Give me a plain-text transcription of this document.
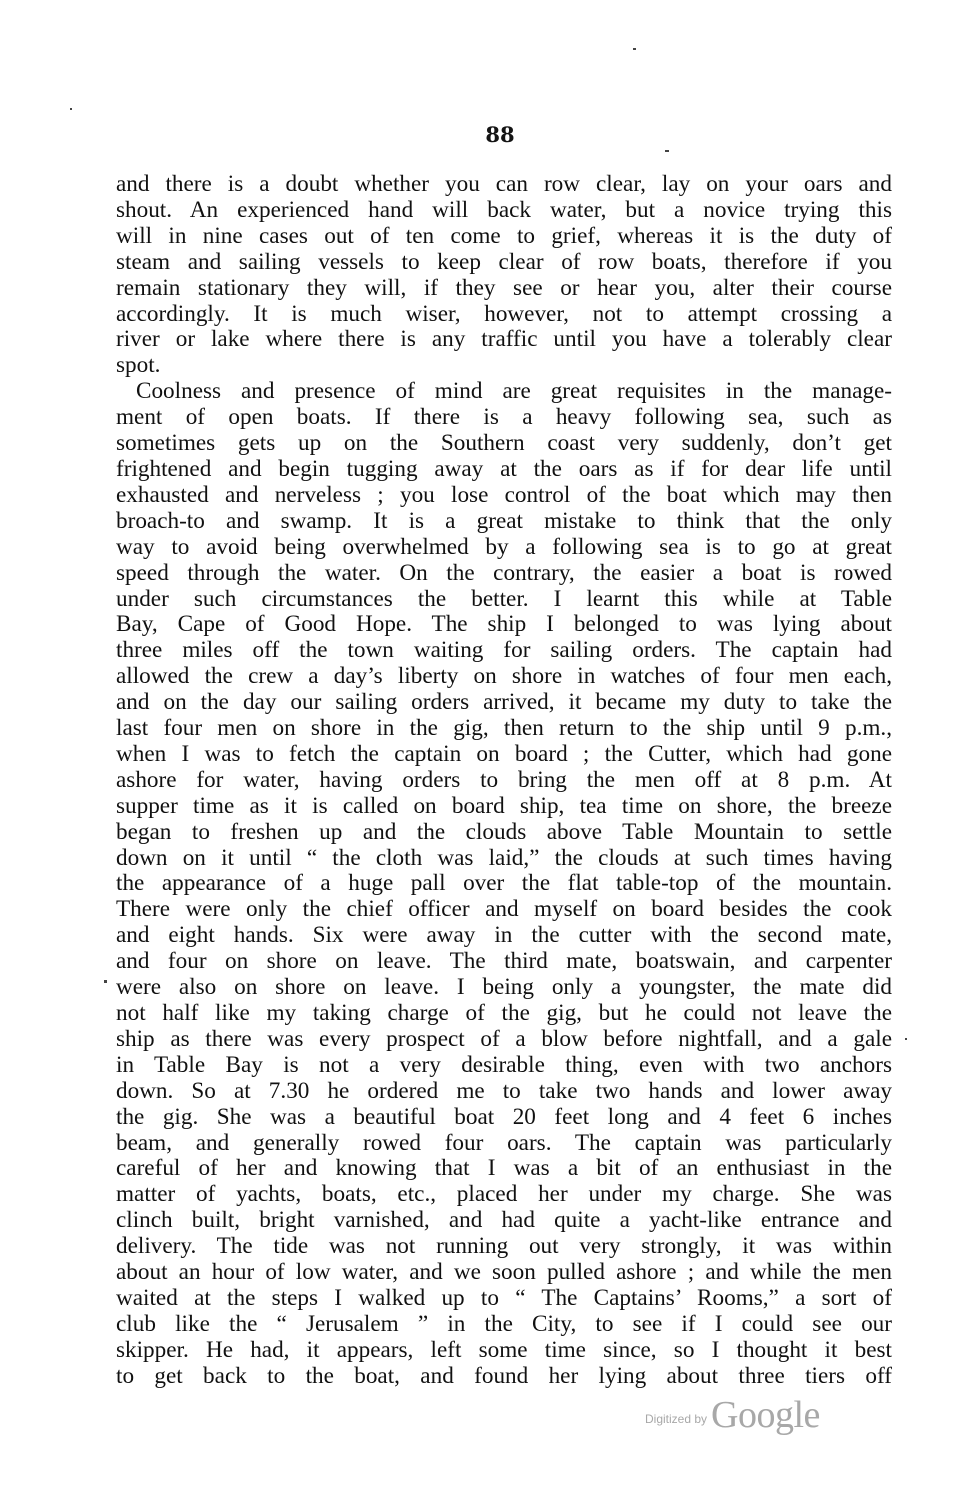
88
and there is a doubt whether you can row clear, lay on your oars and
shout. An experienced hand will back water, but a novice trying this
will in nine cases out of ten come to grief, whereas it is the duty of
steam and sailing vessels to keep clear of row boats, therefore if you
remain stationary they will, if they see or hear you, alter their course
accordingly. It is much wiser, however, not to attempt crossing a
river or lake where there is any traffic until you have a tolerably clear
spot.
Coolness and presence of mind are great requisites in the manage-
ment of open boats. If there is a heavy following sea, such as
sometimes gets up on the Southern coast very suddenly, don’t get
frightened and begin tugging away at the oars as if for dear life until
exhausted and nerveless ; you lose control of the boat which may then
broach-to and swamp. It is a great mistake to think that the only
way to avoid being overwhelmed by a following sea is to go at great
speed through the water. On the contrary, the easier a boat is rowed
under such circumstances the better. I learnt this while at Table
Bay, Cape of Good Hope. The ship I belonged to was lying about
three miles off the town waiting for sailing orders. The captain had
allowed the crew a day’s liberty on shore in watches of four men each,
and on the day our sailing orders arrived, it became my duty to take the
last four men on shore in the gig, then return to the ship until 9 p.m.,
when I was to fetch the captain on board ; the Cutter, which had gone
ashore for water, having orders to bring the men off at 8 p.m. At
supper time as it is called on board ship, tea time on shore, the breeze
began to freshen up and the clouds above Table Mountain to settle
down on it until “ the cloth was laid,” the clouds at such times having
the appearance of a huge pall over the flat table-top of the mountain.
There were only the chief officer and myself on board besides the cook
and eight hands. Six were away in the cutter with the second mate,
and four on shore on leave. The third mate, boatswain, and carpenter
were also on shore on leave. I being only a youngster, the mate did
not half like my taking charge of the gig, but he could not leave the
ship as there was every prospect of a blow before nightfall, and a gale
in Table Bay is not a very desirable thing, even with two anchors
down. So at 7.30 he ordered me to take two hands and lower away
the gig. She was a beautiful boat 20 feet long and 4 feet 6 inches
beam, and generally rowed four oars. The captain was particularly
careful of her and knowing that I was a bit of an enthusiast in the
matter of yachts, boats, etc., placed her under my charge. She was
clinch built, bright varnished, and had quite a yacht-like entrance and
delivery. The tide was not running out very strongly, it was within
about an hour of low water, and we soon pulled ashore ; and while the men
waited at the steps I walked up to “ The Captains’ Rooms,” a sort of
club like the “ Jerusalem ” in the City, to see if I could see our
skipper. He had, it appears, left some time since, so I thought it best
to get back to the boat, and found her lying about three tiers off
$^{Digitized by}$ Google
